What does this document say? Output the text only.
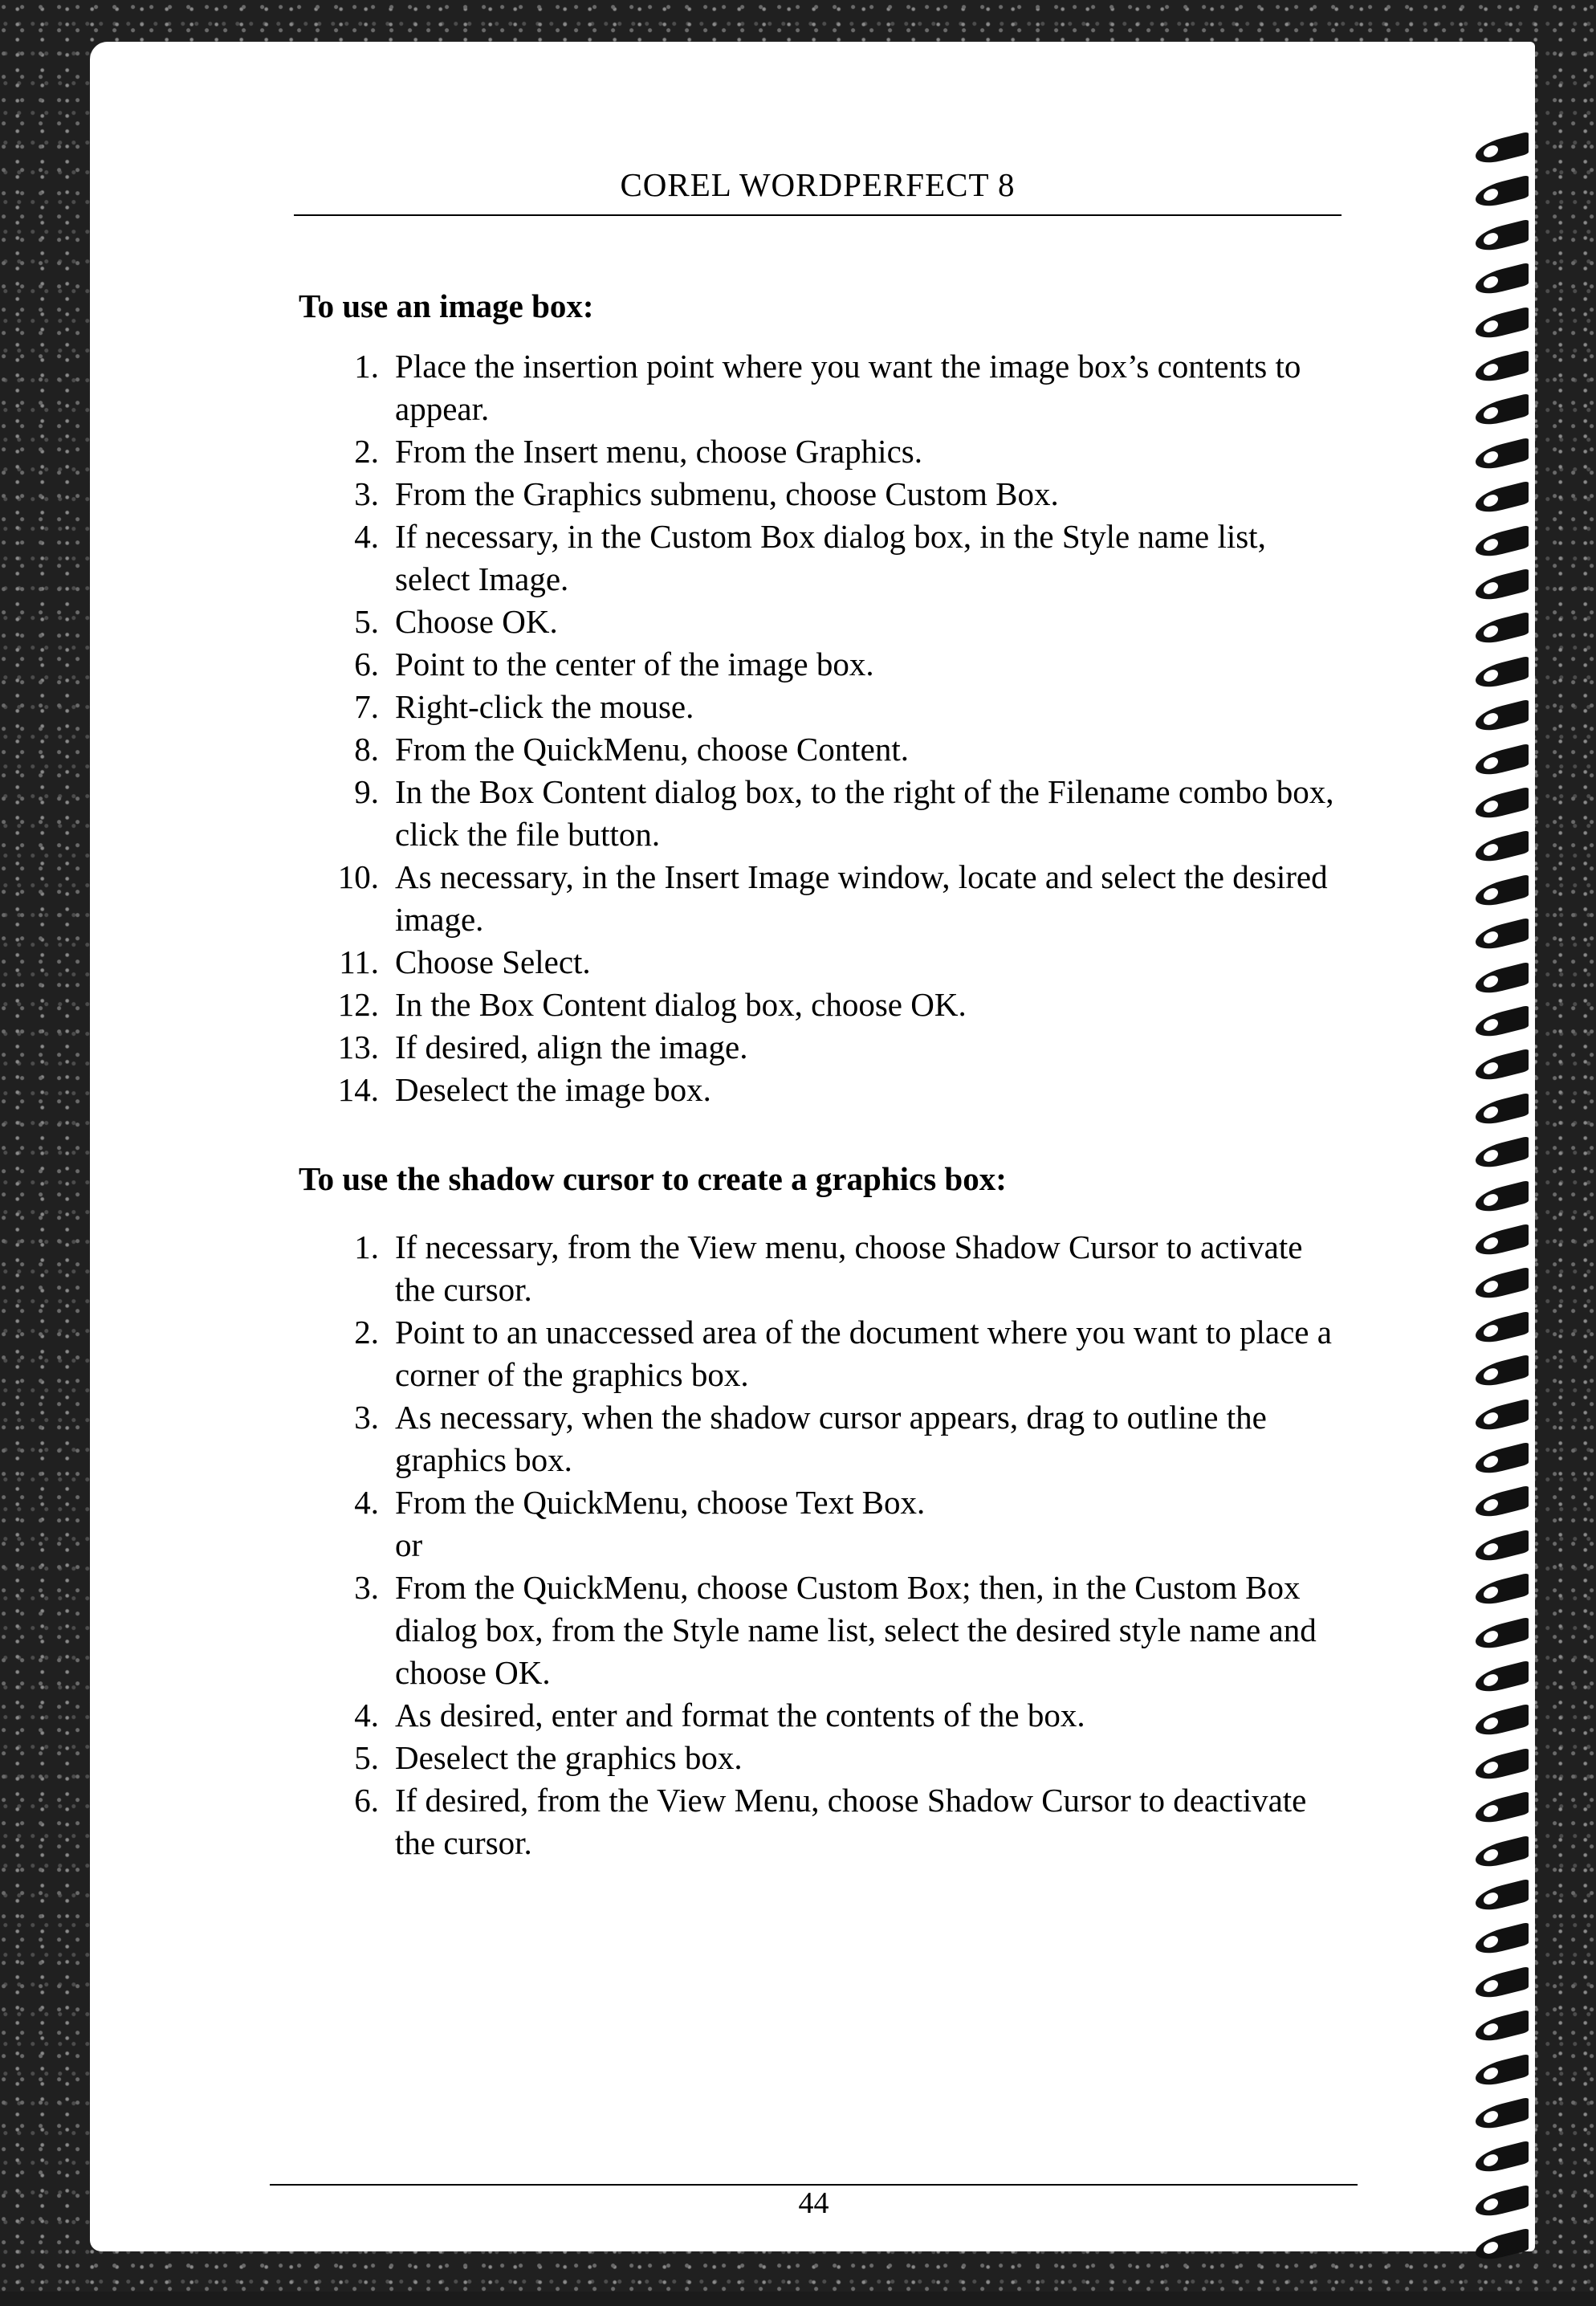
COREL WORDPERFECT 8
To use an image box:
1. Place the insertion point where you want the image box’s contents to appear.
2. From the Insert menu, choose Graphics.
3. From the Graphics submenu, choose Custom Box.
4. If necessary, in the Custom Box dialog box, in the Style name list, select Image.
5. Choose OK.
6. Point to the center of the image box.
7. Right-click the mouse.
8. From the QuickMenu, choose Content.
9. In the Box Content dialog box, to the right of the Filename combo box, click the file button.
10. As necessary, in the Insert Image window, locate and select the desired image.
11. Choose Select.
12. In the Box Content dialog box, choose OK.
13. If desired, align the image.
14. Deselect the image box.
To use the shadow cursor to create a graphics box:
1. If necessary, from the View menu, choose Shadow Cursor to activate the cursor.
2. Point to an unaccessed area of the document where you want to place a corner of the graphics box.
3. As necessary, when the shadow cursor appears, drag to outline the graphics box.
4. From the QuickMenu, choose Text Box.
or
3. From the QuickMenu, choose Custom Box; then, in the Custom Box dialog box, from the Style name list, select the desired style name and choose OK.
4. As desired, enter and format the contents of the box.
5. Deselect the graphics box.
6. If desired, from the View Menu, choose Shadow Cursor to deactivate the cursor.
44
